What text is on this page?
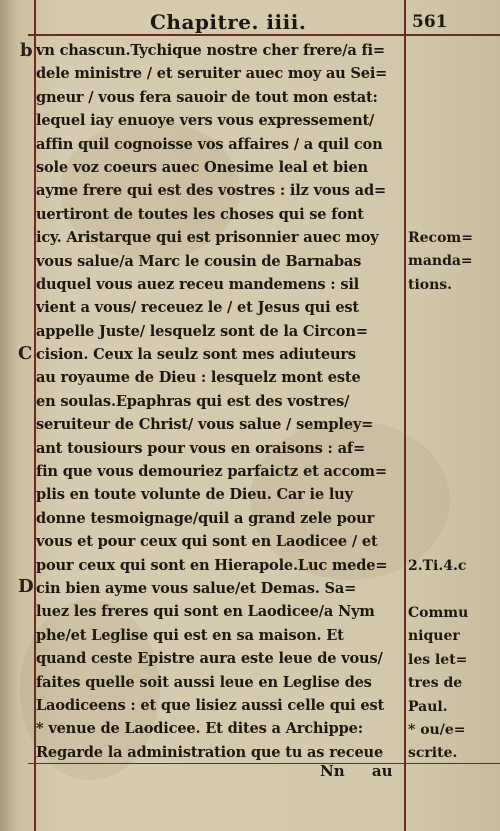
Chapitre. iiii.	561
b
C
D
vn chascun.Tychique nostre cher frere/a fi=
dele ministre / et seruiter auec moy au Sei=
gneur / vous fera sauoir de tout mon estat:
lequel iay enuoye vers vous expressement/
affin quil cognoisse vos affaires / a quil con
sole voz coeurs auec Onesime leal et bien
ayme frere qui est des vostres : ilz vous ad=
uertiront de toutes les choses qui se font
icy. Aristarque qui est prisonnier auec moy
vous salue/a Marc le cousin de Barnabas
duquel vous auez receu mandemens : sil
vient a vous/ receuez le / et Jesus qui est
appelle Juste/ lesquelz sont de la Circon=
cision. Ceux la seulz sont mes adiuteurs
au royaume de Dieu : lesquelz mont este
en soulas.Epaphras qui est des vostres/
seruiteur de Christ/ vous salue / sempley=
ant tousiours pour vous en oraisons : af=
fin que vous demouriez parfaictz et accom=
plis en toute volunte de Dieu. Car ie luy
donne tesmoignage/quil a grand zele pour
vous et pour ceux qui sont en Laodicee / et
pour ceux qui sont en Hierapole.Luc mede=
cin bien ayme vous salue/et Demas. Sa=
luez les freres qui sont en Laodicee/a Nym
phe/et Leglise qui est en sa maison. Et
quand ceste Epistre aura este leue de vous/
faites quelle soit aussi leue en Leglise des
Laodiceens : et que lisiez aussi celle qui est
* venue de Laodicee. Et dites a Archippe:
Regarde la administration que tu as receue
Recom=
manda=
tions.
2.Ti.4.c
Commu
niquer
les let=
tres de
Paul.
* ou/e=
scrite.
Nn au
